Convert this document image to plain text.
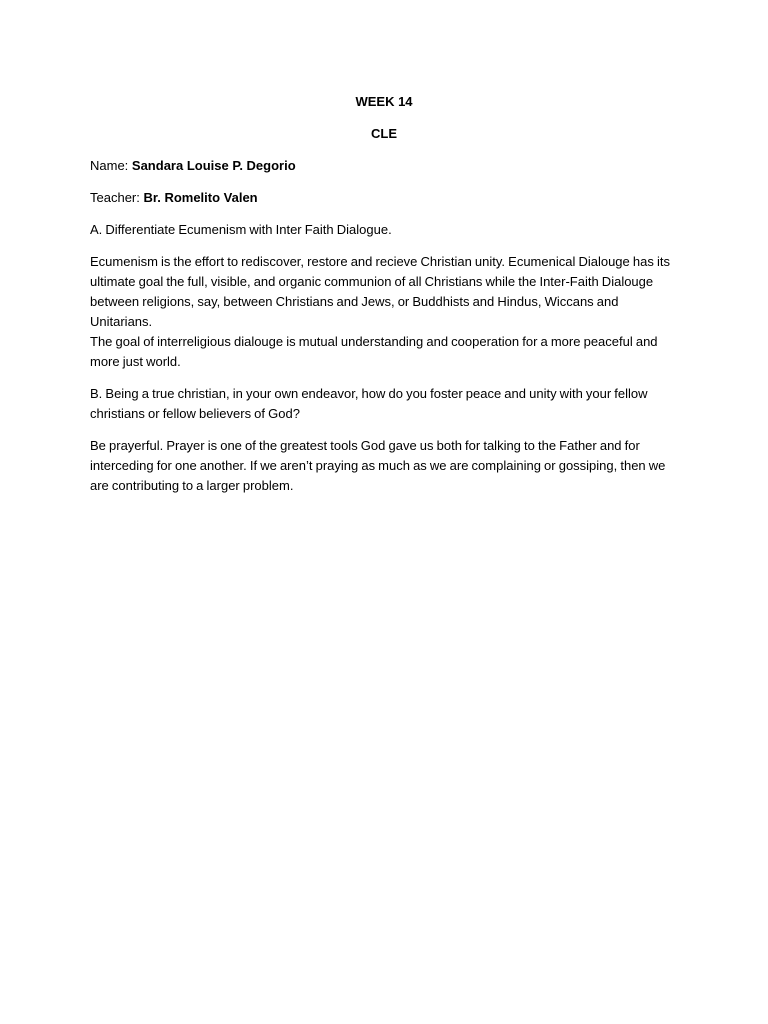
WEEK 14
CLE
Name: Sandara Louise P. Degorio
Teacher: Br. Romelito Valen
A. Differentiate Ecumenism with Inter Faith Dialogue.
Ecumenism is the effort to rediscover, restore and recieve Christian unity. Ecumenical Dialouge has its
ultimate goal the full, visible, and organic communion of all Christians while the Inter-Faith Dialouge
between religions, say, between Christians and Jews, or Buddhists and Hindus, Wiccans and Unitarians.
The goal of interreligious dialouge is mutual understanding and cooperation for a more peaceful and
more just world.
B. Being a true christian, in your own endeavor, how do you foster peace and unity with your fellow
christians or fellow believers of God?
Be prayerful. Prayer is one of the greatest tools God gave us both for talking to the Father and for
interceding for one another. If we aren’t praying as much as we are complaining or gossiping, then we
are contributing to a larger problem.
